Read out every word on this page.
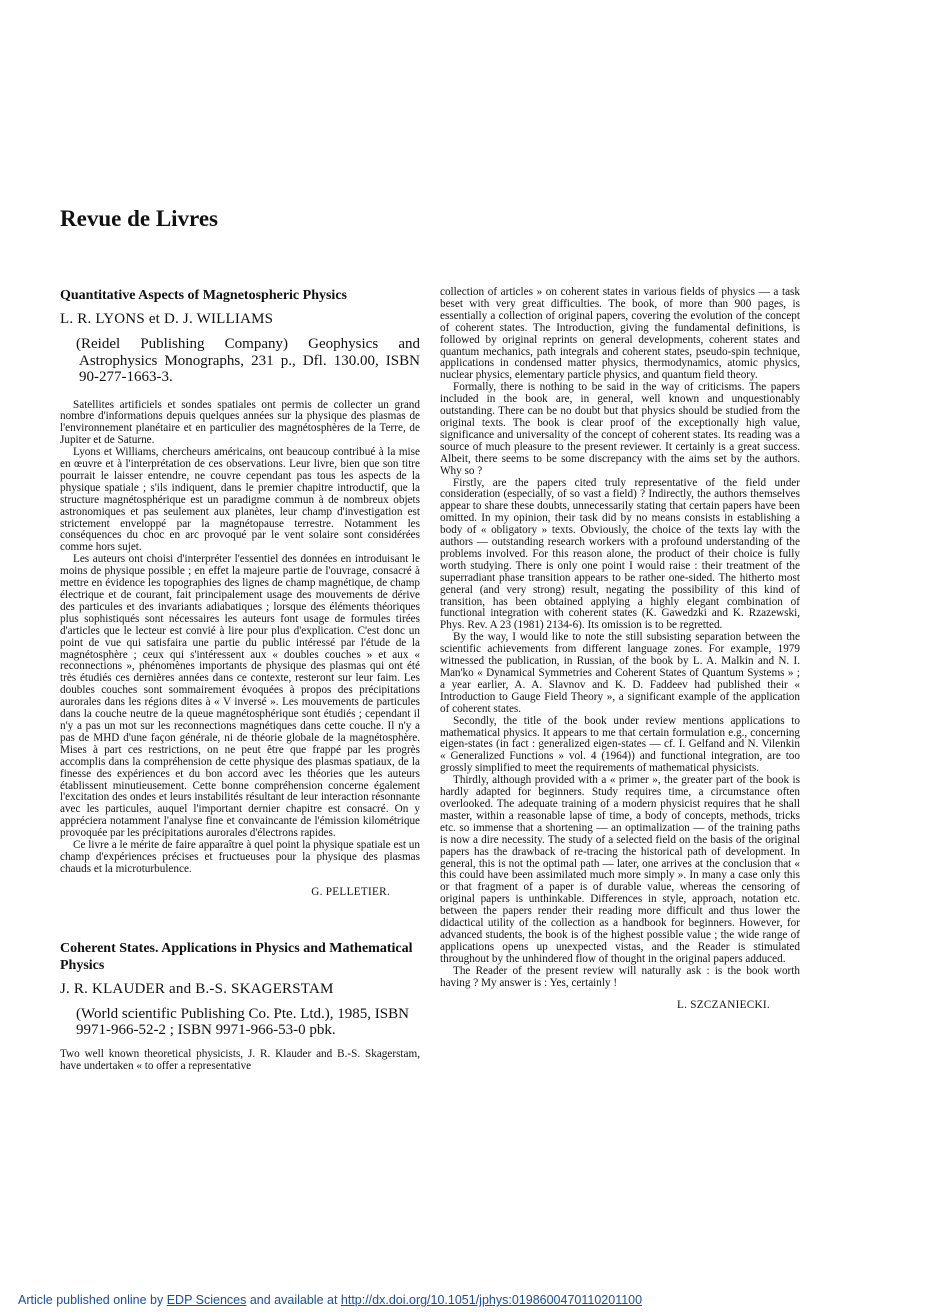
Revue de Livres
Quantitative Aspects of Magnetospheric Physics
L. R. LYONS et D. J. WILLIAMS
(Reidel Publishing Company) Geophysics and Astrophysics Monographs, 231 p., Dfl. 130.00, ISBN 90-277-1663-3.

Satellites artificiels et sondes spatiales ont permis de collecter un grand nombre d'informations depuis quelques années sur la physique des plasmas de l'environnement planétaire et en particulier des magnétosphères de la Terre, de Jupiter et de Saturne.

Lyons et Williams, chercheurs américains, ont beaucoup contribué à la mise en œuvre et à l'interprétation de ces observations. Leur livre, bien que son titre pourrait le laisser entendre, ne couvre cependant pas tous les aspects de la physique spatiale ; s'ils indiquent, dans le premier chapitre introductif, que la structure magnétosphérique est un paradigme commun à de nombreux objets astronomiques et pas seulement aux planètes, leur champ d'investigation est strictement enveloppé par la magnétopause terrestre. Notamment les conséquences du choc en arc provoqué par le vent solaire sont considérées comme hors sujet.

Les auteurs ont choisi d'interpréter l'essentiel des données en introduisant le moins de physique possible ; en effet la majeure partie de l'ouvrage, consacré à mettre en évidence les topographies des lignes de champ magnétique, de champ électrique et de courant, fait principalement usage des mouvements de dérive des particules et des invariants adiabatiques ; lorsque des éléments théoriques plus sophistiqués sont nécessaires les auteurs font usage de formules tirées d'articles que le lecteur est convié à lire pour plus d'explication. C'est donc un point de vue qui satisfaira une partie du public intéressé par l'étude de la magnétosphère ; ceux qui s'intéressent aux « doubles couches » et aux « reconnections », phénomènes importants de physique des plasmas qui ont été très étudiés ces dernières années dans ce contexte, resteront sur leur faim. Les doubles couches sont sommairement évoquées à propos des précipitations aurorales dans les régions dites à « V inversé ». Les mouvements de particules dans la couche neutre de la queue magnétosphérique sont étudiés ; cependant il n'y a pas un mot sur les reconnections magnétiques dans cette couche. Il n'y a pas de MHD d'une façon générale, ni de théorie globale de la magnétosphère. Mises à part ces restrictions, on ne peut être que frappé par les progrès accomplis dans la compréhension de cette physique des plasmas spatiaux, de la finesse des expériences et du bon accord avec les théories que les auteurs établissent minutieusement. Cette bonne compréhension concerne également l'excitation des ondes et leurs instabilités résultant de leur interaction résonnante avec les particules, auquel l'important dernier chapitre est consacré. On y appréciera notamment l'analyse fine et convaincante de l'émission kilométrique provoquée par les précipitations aurorales d'électrons rapides.

Ce livre a le mérite de faire apparaître à quel point la physique spatiale est un champ d'expériences précises et fructueuses pour la physique des plasmas chauds et la microturbulence.

G. PELLETIER.
Coherent States. Applications in Physics and Mathematical Physics
J. R. KLAUDER and B.-S. SKAGERSTAM
(World scientific Publishing Co. Pte. Ltd.), 1985, ISBN 9971-966-52-2 ; ISBN 9971-966-53-0 pbk.
Two well known theoretical physicists, J. R. Klauder and B.-S. Skagerstam, have undertaken « to offer a representative

collection of articles » on coherent states in various fields of physics — a task beset with very great difficulties. The book, of more than 900 pages, is essentially a collection of original papers, covering the evolution of the concept of coherent states. The Introduction, giving the fundamental definitions, is followed by original reprints on general developments, coherent states and quantum mechanics, path integrals and coherent states, pseudo-spin technique, applications in condensed matter physics, thermodynamics, atomic physics, nuclear physics, elementary particle physics, and quantum field theory.

Formally, there is nothing to be said in the way of criticisms. The papers included in the book are, in general, well known and unquestionably outstanding. There can be no doubt but that physics should be studied from the original texts. The book is clear proof of the exceptionally high value, significance and universality of the concept of coherent states. Its reading was a source of much pleasure to the present reviewer. It certainly is a great success. Albeit, there seems to be some discrepancy with the aims set by the authors. Why so ?

Firstly, are the papers cited truly representative of the field under consideration (especially, of so vast a field) ? Indirectly, the authors themselves appear to share these doubts, unnecessarily stating that certain papers have been omitted. In my opinion, their task did by no means consists in establishing a body of « obligatory » texts. Obviously, the choice of the texts lay with the authors — outstanding research workers with a profound understanding of the problems involved. For this reason alone, the product of their choice is fully worth studying. There is only one point I would raise : their treatment of the superradiant phase transition appears to be rather one-sided. The hitherto most general (and very strong) result, negating the possibility of this kind of transition, has been obtained applying a highly elegant combination of functional integration with coherent states (K. Gawedzki and K. Rzazewski, Phys. Rev. A 23 (1981) 2134-6). Its omission is to be regretted.

By the way, I would like to note the still subsisting separation between the scientific achievements from different language zones. For example, 1979 witnessed the publication, in Russian, of the book by L. A. Malkin and N. I. Man'ko « Dynamical Symmetries and Coherent States of Quantum Systems » ; a year earlier, A. A. Slavnov and K. D. Faddeev had published their « Introduction to Gauge Field Theory », a significant example of the application of coherent states.

Secondly, the title of the book under review mentions applications to mathematical physics. It appears to me that certain formulation e.g., concerning eigen-states (in fact : generalized eigen-states — cf. I. Gelfand and N. Vilenkin « Generalized Functions » vol. 4 (1964)) and functional integration, are too grossly simplified to meet the requirements of mathematical physicists.

Thirdly, although provided with a « primer », the greater part of the book is hardly adapted for beginners. Study requires time, a circumstance often overlooked. The adequate training of a modern physicist requires that he shall master, within a reasonable lapse of time, a body of concepts, methods, tricks etc. so immense that a shortening — an optimalization — of the training paths is now a dire necessity. The study of a selected field on the basis of the original papers has the drawback of re-tracing the historical path of development. In general, this is not the optimal path — later, one arrives at the conclusion that « this could have been assimilated much more simply ». In many a case only this or that fragment of a paper is of durable value, whereas the censoring of original papers is unthinkable. Differences in style, approach, notation etc. between the papers render their reading more difficult and thus lower the didactical utility of the collection as a handbook for beginners. However, for advanced students, the book is of the highest possible value ; the wide range of applications opens up unexpected vistas, and the Reader is stimulated throughout by the unhindered flow of thought in the original papers adduced.

The Reader of the present review will naturally ask : is the book worth having ? My answer is : Yes, certainly !

L. SZCZANIECKI.
Article published online by EDP Sciences and available at http://dx.doi.org/10.1051/jphys:0198600470110201100
